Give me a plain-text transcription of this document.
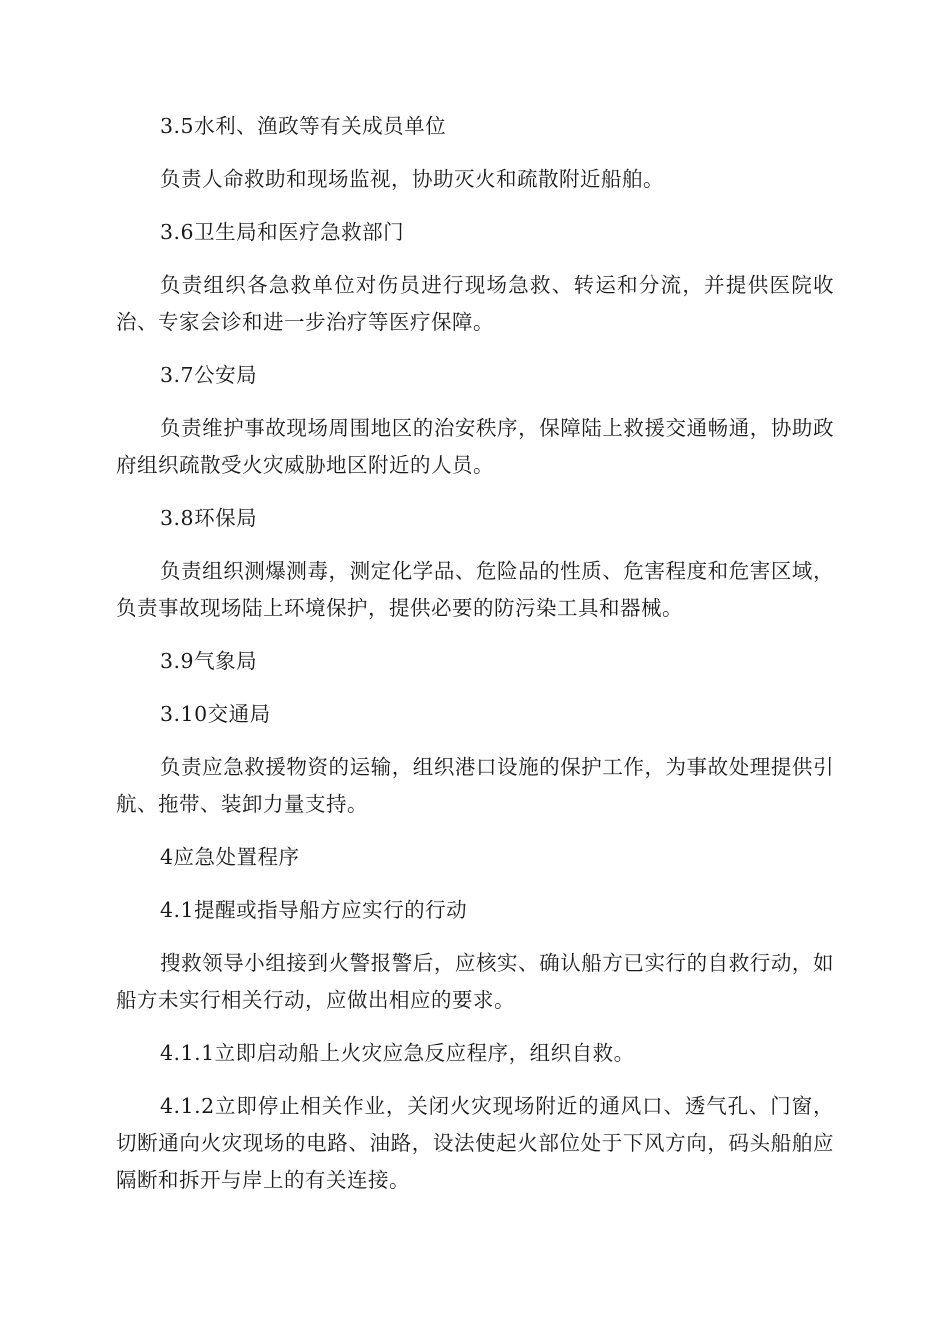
3.5水利、渔政等有关成员单位

负责人命救助和现场监视，协助灭火和疏散附近船舶。

3.6卫生局和医疗急救部门

负责组织各急救单位对伤员进行现场急救、转运和分流，并提供医院收治、专家会诊和进一步治疗等医疗保障。

3.7公安局

负责维护事故现场周围地区的治安秩序，保障陆上救援交通畅通，协助政府组织疏散受火灾威胁地区附近的人员。

3.8环保局

负责组织测爆测毒，测定化学品、危险品的性质、危害程度和危害区域，负责事故现场陆上环境保护，提供必要的防污染工具和器械。

3.9气象局

3.10交通局

负责应急救援物资的运输，组织港口设施的保护工作，为事故处理提供引航、拖带、装卸力量支持。

4应急处置程序

4.1提醒或指导船方应实行的行动

搜救领导小组接到火警报警后，应核实、确认船方已实行的自救行动，如船方未实行相关行动，应做出相应的要求。

4.1.1立即启动船上火灾应急反应程序，组织自救。

4.1.2立即停止相关作业，关闭火灾现场附近的通风口、透气孔、门窗，切断通向火灾现场的电路、油路，设法使起火部位处于下风方向，码头船舶应隔断和拆开与岸上的有关连接。
